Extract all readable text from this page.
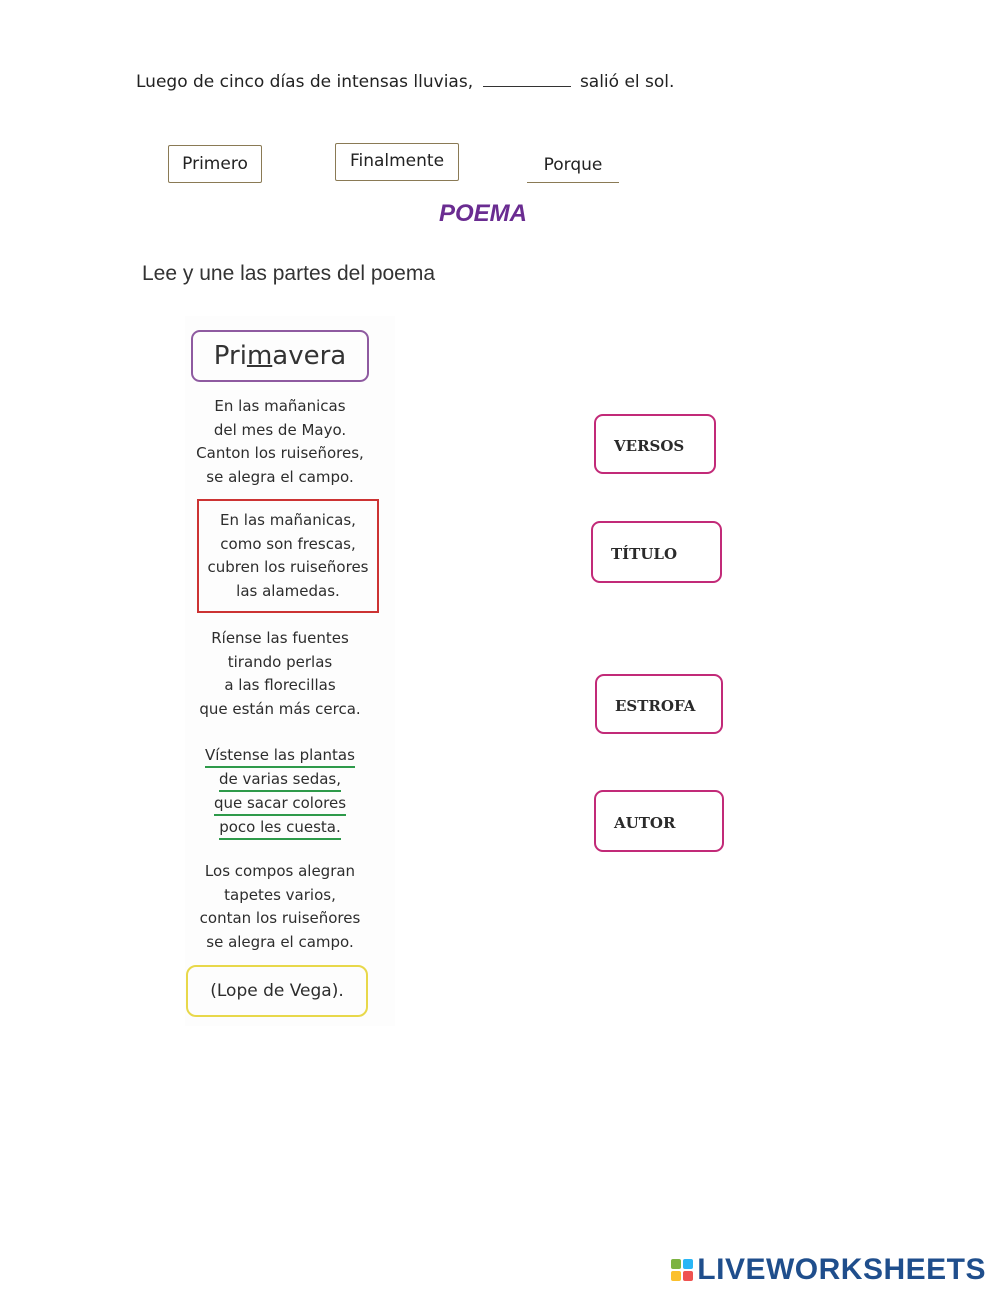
Luego de cinco días de intensas lluvias,	salió el sol.
Primero	Finalmente	Porque
POEMA
Lee y une las partes del poema
Primavera
En las mañanicas
del mes de Mayo.
Canton los ruiseñores,
se alegra el campo.
En las mañanicas,
como son frescas,
cubren los ruiseñores
las alamedas.
Ríense las fuentes
tirando perlas
a las florecillas
que están más cerca.
Vístense las plantas
de varias sedas,
que sacar colores
poco les cuesta.
Los compos alegran
tapetes varios,
contan los ruiseñores
se alegra el campo.
(Lope de Vega).
VERSOS
TÍTULO
ESTROFA
AUTOR
LIVEWORKSHEETS
